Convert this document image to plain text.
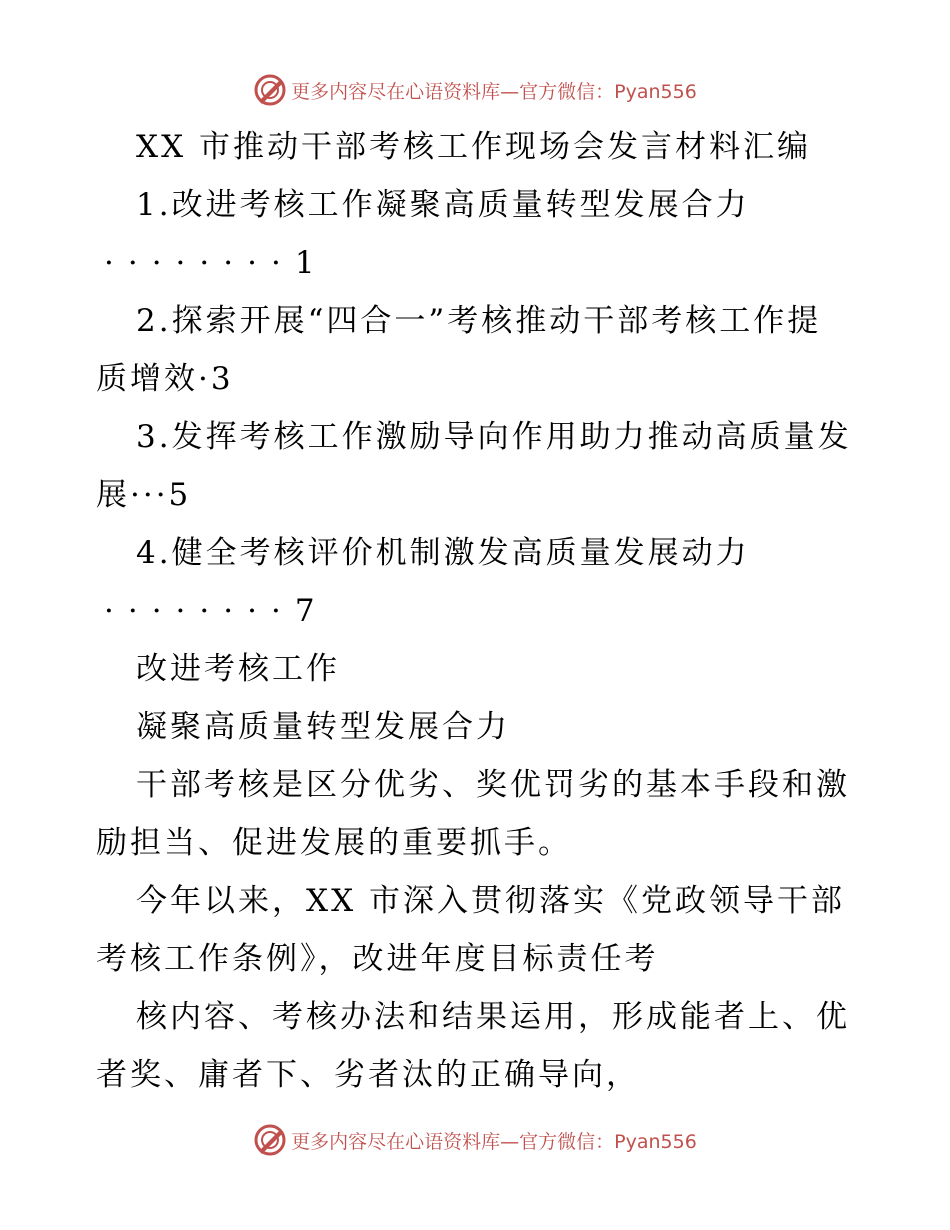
更多内容尽在心语资料库—官方微信：Pyan556
XX 市推动干部考核工作现场会发言材料汇编
1.改进考核工作凝聚高质量转型发展合力
········1
2.探索开展“四合一”考核推动干部考核工作提
质增效·3
3.发挥考核工作激励导向作用助力推动高质量发
展···5
4.健全考核评价机制激发高质量发展动力
········7
改进考核工作
凝聚高质量转型发展合力
干部考核是区分优劣、奖优罚劣的基本手段和激
励担当、促进发展的重要抓手。
今年以来，XX 市深入贯彻落实《党政领导干部
考核工作条例》，改进年度目标责任考
核内容、考核办法和结果运用，形成能者上、优
者奖、庸者下、劣者汰的正确导向，
更多内容尽在心语资料库—官方微信：Pyan556
